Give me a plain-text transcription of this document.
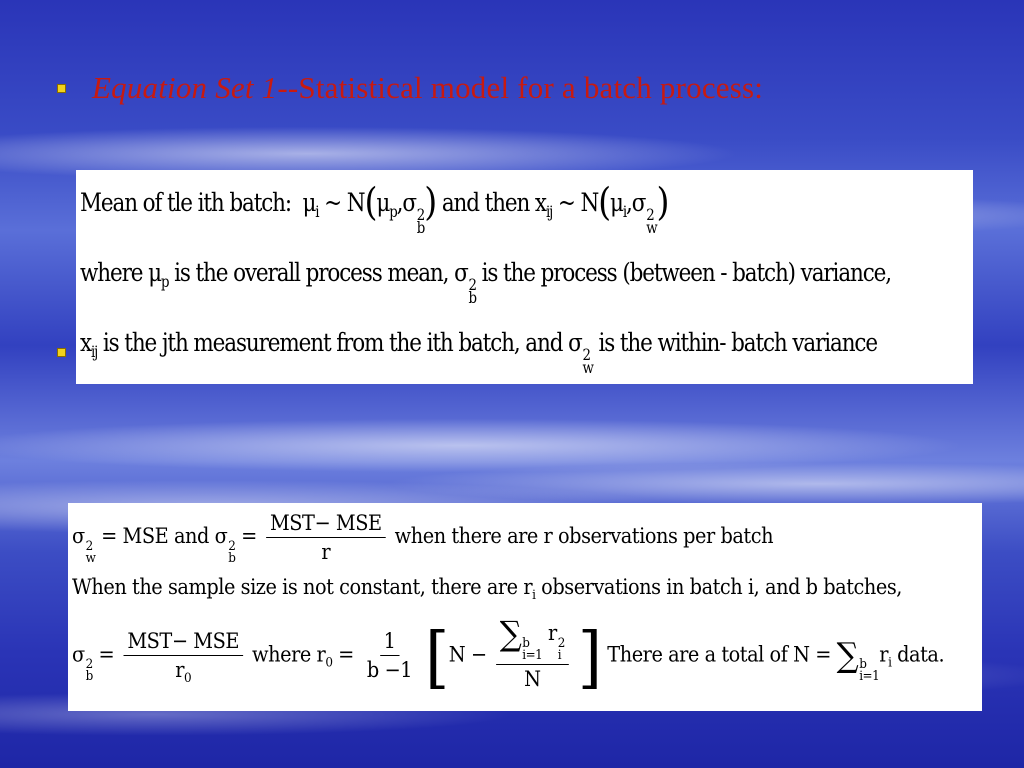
Equation Set 1--Statistical model for a batch process:
Mean of tle ith batch:  $\mu_i$ ~ $N(\mu_p,\sigma$ 2
b
) and then $x_{ij}$ ~ $N(\mu_i,\sigma$ 2
w
)
where $\mu_p$ is the overall process mean, σ 2
b
is the process (between - batch) variance,
$x_{ij}$ is the jth measurement from the ith batch, and σ 2
w
is the within- batch variance
σ 2
w
= MSE and σ 2
b
= $\frac{\text{MST− MSE}}{r}$ when there are r observations per batch
When the sample size is not constant, there are $r_i$ observations in batch i, and b batches,
σ 2
b
= $\frac{\text{MST− MSE}}{r_0}$ where $r_0 = \frac{1}{b -1} [N$ − ∑ b
i=1
r 2
i
N ] There are a total of N = ∑ b
i=1
$r_i$ data.
